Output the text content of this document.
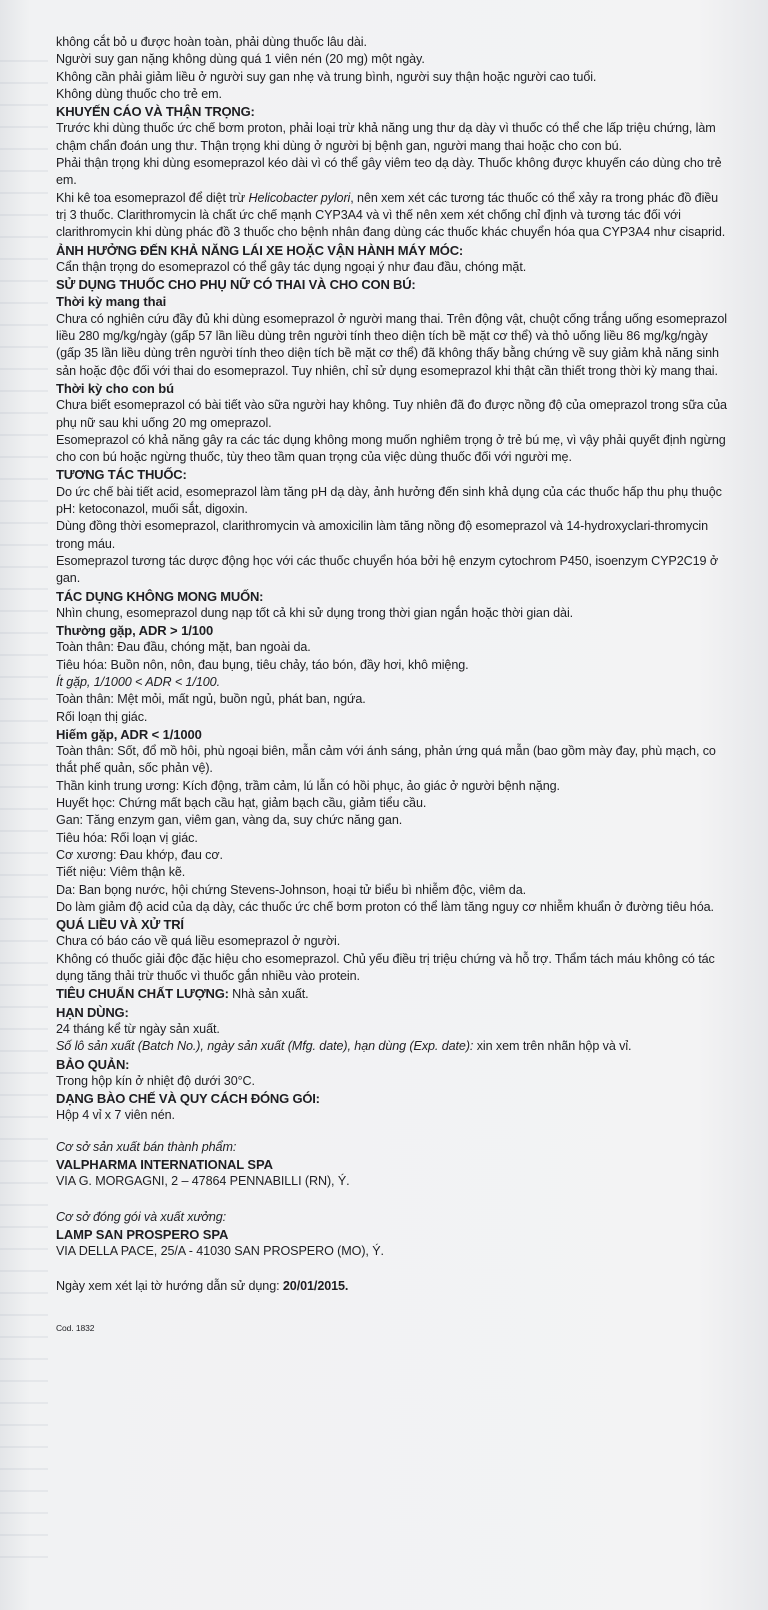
không cắt bỏ u được hoàn toàn, phải dùng thuốc lâu dài.

Người suy gan nặng không dùng quá 1 viên nén (20 mg) một ngày.

Không cần phải giảm liều ở người suy gan nhẹ và trung bình, người suy thận hoặc người cao tuổi.

Không dùng thuốc cho trẻ em.

KHUYẾN CÁO VÀ THẬN TRỌNG:

Trước khi dùng thuốc ức chế bơm proton, phải loại trừ khả năng ung thư dạ dày vì thuốc có thể che lấp triệu chứng, làm chậm chẩn đoán ung thư. Thận trọng khi dùng ở người bị bệnh gan, người mang thai hoặc cho con bú.

Phải thận trọng khi dùng esomeprazol kéo dài vì có thể gây viêm teo dạ dày. Thuốc không được khuyến cáo dùng cho trẻ em.

Khi kê toa esomeprazol để diệt trừ Helicobacter pylori, nên xem xét các tương tác thuốc có thể xảy ra trong phác đồ điều trị 3 thuốc. Clarithromycin là chất ức chế mạnh CYP3A4 và vì thế nên xem xét chống chỉ định và tương tác đối với clarithromycin khi dùng phác đồ 3 thuốc cho bệnh nhân đang dùng các thuốc khác chuyển hóa qua CYP3A4 như cisaprid.

ẢNH HƯỞNG ĐẾN KHẢ NĂNG LÁI XE HOẶC VẬN HÀNH MÁY MÓC:

Cẩn thận trọng do esomeprazol có thể gây tác dụng ngoại ý như đau đầu, chóng mặt.

SỬ DỤNG THUỐC CHO PHỤ NỮ CÓ THAI VÀ CHO CON BÚ:

Thời kỳ mang thai

Chưa có nghiên cứu đầy đủ khi dùng esomeprazol ở người mang thai. Trên động vật, chuột cống trắng uống esomeprazol liều 280 mg/kg/ngày (gấp 57 lần liều dùng trên người tính theo diện tích bề mặt cơ thể) và thỏ uống liều 86 mg/kg/ngày (gấp 35 lần liều dùng trên người tính theo diện tích bề mặt cơ thể) đã không thấy bằng chứng về suy giảm khả năng sinh sản hoặc độc đối với thai do esomeprazol. Tuy nhiên, chỉ sử dụng esomeprazol khi thật cần thiết trong thời kỳ mang thai.

Thời kỳ cho con bú

Chưa biết esomeprazol có bài tiết vào sữa người hay không. Tuy nhiên đã đo được nồng độ của omeprazol trong sữa của phụ nữ sau khi uống 20 mg omeprazol.

Esomeprazol có khả năng gây ra các tác dụng không mong muốn nghiêm trọng ở trẻ bú mẹ, vì vậy phải quyết định ngừng cho con bú hoặc ngừng thuốc, tùy theo tầm quan trọng của việc dùng thuốc đối với người mẹ.

TƯƠNG TÁC THUỐC:

Do ức chế bài tiết acid, esomeprazol làm tăng pH dạ dày, ảnh hưởng đến sinh khả dụng của các thuốc hấp thu phụ thuộc pH: ketoconazol, muối sắt, digoxin.

Dùng đồng thời esomeprazol, clarithromycin và amoxicilin làm tăng nồng độ esomeprazol và 14-hydroxyclari-thromycin trong máu.

Esomeprazol tương tác dược động học với các thuốc chuyển hóa bởi hệ enzym cytochrom P450, isoenzym CYP2C19 ở gan.

TÁC DỤNG KHÔNG MONG MUỐN:

Nhìn chung, esomeprazol dung nạp tốt cả khi sử dụng trong thời gian ngắn hoặc thời gian dài.

Thường gặp, ADR > 1/100

Toàn thân: Đau đầu, chóng mặt, ban ngoài da.

Tiêu hóa: Buồn nôn, nôn, đau bụng, tiêu chảy, táo bón, đầy hơi, khô miệng.

Ít gặp, 1/1000 < ADR < 1/100.

Toàn thân: Mệt mỏi, mất ngủ, buồn ngủ, phát ban, ngứa.

Rối loạn thị giác.

Hiếm gặp, ADR < 1/1000

Toàn thân: Sốt, đổ mồ hôi, phù ngoại biên, mẫn cảm với ánh sáng, phản ứng quá mẫn (bao gồm mày đay, phù mạch, co thắt phế quản, sốc phản vệ).

Thần kinh trung ương: Kích động, trầm cảm, lú lẫn có hồi phục, ảo giác ở người bệnh nặng.

Huyết học: Chứng mất bạch cầu hạt, giảm bạch cầu, giảm tiểu cầu.

Gan: Tăng enzym gan, viêm gan, vàng da, suy chức năng gan.

Tiêu hóa: Rối loạn vị giác.

Cơ xương: Đau khớp, đau cơ.

Tiết niệu: Viêm thận kẽ.

Da: Ban bọng nước, hội chứng Stevens-Johnson, hoại tử biểu bì nhiễm độc, viêm da.

Do làm giảm độ acid của dạ dày, các thuốc ức chế bơm proton có thể làm tăng nguy cơ nhiễm khuẩn ở đường tiêu hóa.

QUÁ LIỀU VÀ XỬ TRÍ

Chưa có báo cáo về quá liều esomeprazol ở người.

Không có thuốc giải độc đặc hiệu cho esomeprazol. Chủ yếu điều trị triệu chứng và hỗ trợ. Thẩm tách máu không có tác dụng tăng thải trừ thuốc vì thuốc gắn nhiều vào protein.

TIÊU CHUẨN CHẤT LƯỢNG: Nhà sản xuất.

HẠN DÙNG:

24 tháng kể từ ngày sản xuất.

Số lô sản xuất (Batch No.), ngày sản xuất (Mfg. date), hạn dùng (Exp. date): xin xem trên nhãn hộp và vỉ.

BẢO QUẢN:

Trong hộp kín ở nhiệt độ dưới 30°C.

DẠNG BÀO CHẾ VÀ QUY CÁCH ĐÓNG GÓI:

Hộp 4 vỉ x 7 viên nén.

Cơ sở sản xuất bán thành phẩm:

VALPHARMA INTERNATIONAL SPA

VIA G. MORGAGNI, 2 – 47864 PENNABILLI (RN), Ý.

Cơ sở đóng gói và xuất xưởng:

LAMP SAN PROSPERO SPA

VIA DELLA PACE, 25/A - 41030 SAN PROSPERO (MO), Ý.

Ngày xem xét lại tờ hướng dẫn sử dụng: 20/01/2015.

Cod. 1832
